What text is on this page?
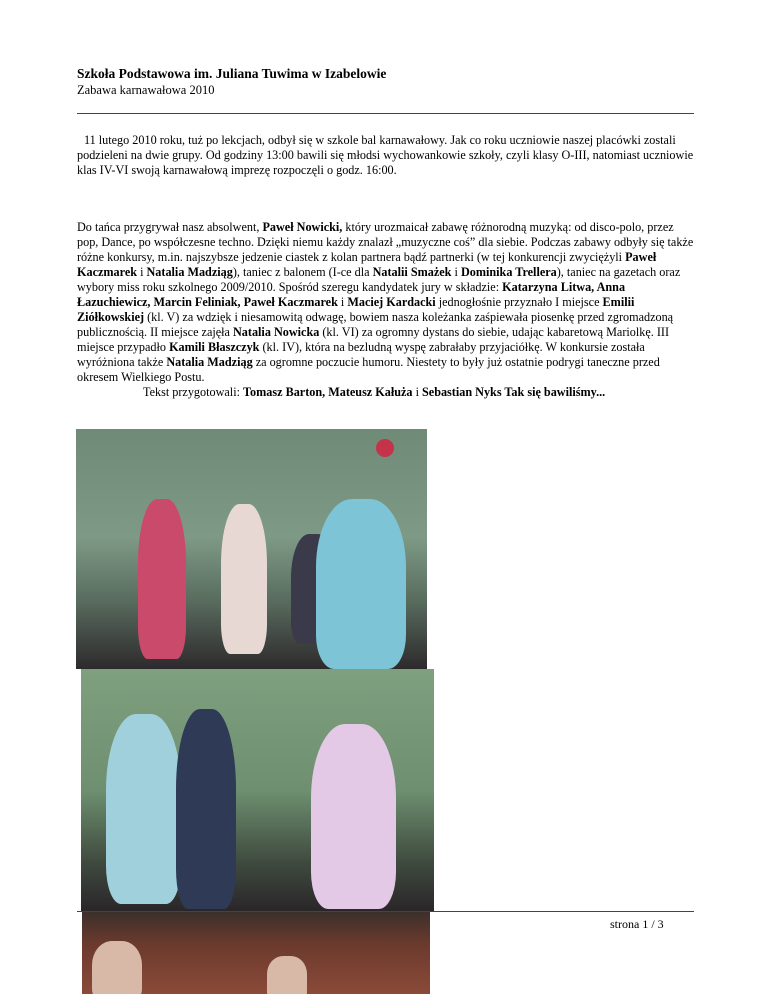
Szkoła Podstawowa im. Juliana Tuwima w Izabelowie
Zabawa karnawałowa 2010
11 lutego 2010 roku, tuż po lekcjach, odbył się w szkole bal karnawałowy. Jak co roku uczniowie naszej placówki zostali podzieleni na dwie grupy. Od godziny 13:00 bawili się młodsi wychowankowie szkoły, czyli klasy O-III, natomiast uczniowie klas IV-VI swoją karnawałową imprezę rozpoczęli o godz. 16:00.
Do tańca przygrywał nasz absolwent, Paweł Nowicki, który urozmaicał zabawę różnorodną muzyką: od disco-polo, przez pop, Dance, po współczesne techno. Dzięki niemu każdy znalazł „muzyczne coś” dla siebie. Podczas zabawy odbyły się także różne konkursy, m.in. najszybsze jedzenie ciastek z kolan partnera bądź partnerki (w tej konkurencji zwyciężyli Paweł Kaczmarek i Natalia Madziąg), taniec z balonem (I-ce dla Natalii Smażek i Dominika Trellera), taniec na gazetach oraz wybory miss roku szkolnego 2009/2010. Spośród szeregu kandydatek jury w składzie: Katarzyna Litwa, Anna Łazuchiewicz, Marcin Feliniak, Paweł Kaczmarek i Maciej Kardacki jednogłośnie przyznało I miejsce Emilii Ziółkowskiej (kl. V) za wdzięk i niesamowitą odwagę, bowiem nasza koleżanka zaśpiewała piosenkę przed zgromadzoną publicznością. II miejsce zajęła Natalia Nowicka (kl. VI) za ogromny dystans do siebie, udając kabaretową Mariolkę. III miejsce przypadło Kamili Błaszczyk (kl. IV), która na bezludną wyspę zabrałaby przyjaciółkę. W konkursie została wyróżniona także Natalia Madziąg za ogromne poczucie humoru. Niestety to były już ostatnie podrygi taneczne przed okresem Wielkiego Postu.
Tekst przygotowali: Tomasz Barton, Mateusz Kałuża i Sebastian Nyks Tak się bawiliśmy...
strona 1 / 3
